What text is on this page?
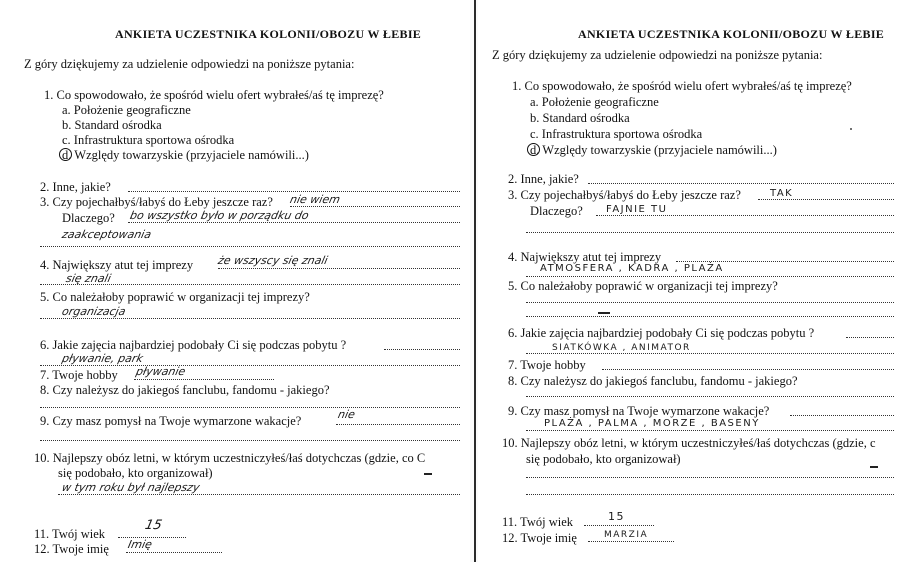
ANKIETA UCZESTNIKA KOLONII/OBOZU W ŁEBIE
Z góry dziękujemy za udzielenie odpowiedzi na poniższe pytania:
1. Co spowodowało, że spośród wielu ofert wybrałeś/aś tę imprezę?
a. Położenie geograficzne
b. Standard ośrodka
c. Infrastruktura sportowa ośrodka
d. Względy towarzyskie (przyjaciele namówili...)
2. Inne, jakie?
3. Czy pojechałbyś/łabyś do Łeby jeszcze raz? nie wiem
Dlaczego? bo wszystko było w porządku do
zaakceptowania
4. Największy atut tej imprezy że wszyscy się znali
się znali
5. Co należałoby poprawić w organizacji tej imprezy?
organizacja
6. Jakie zajęcia najbardziej podobały Ci się podczas pobytu ?
pływanie, park
7. Twoje hobby pływanie
8. Czy należysz do jakiegoś fanclubu, fandomu - jakiego?
9. Czy masz pomysł na Twoje wymarzone wakacje?	nie
10. Najlepszy obóz letni, w którym uczestniczyłeś/łaś dotychczas (gdzie, co C
się podobało, kto organizował)
w tym roku był najlepszy
11. Twój wiek
15
12. Twoje imię Imię
ANKIETA UCZESTNIKA KOLONII/OBOZU W ŁEBIE
Z góry dziękujemy za udzielenie odpowiedzi na poniższe pytania:
1. Co spowodowało, że spośród wielu ofert wybrałeś/aś tę imprezę?
a. Położenie geograficzne
b. Standard ośrodka
c. Infrastruktura sportowa ośrodka
d. Względy towarzyskie (przyjaciele namówili...)
2. Inne, jakie?
3. Czy pojechałbyś/łabyś do Łeby jeszcze raz?	TAK
Dlaczego? FAJNIE TU
4. Największy atut tej imprezy
ATMOSFERA , KADRA , PLAŻA
5. Co należałoby poprawić w organizacji tej imprezy?
6. Jakie zajęcia najbardziej podobały Ci się podczas pobytu ?
SIATKÓWKA , ANIMATOR
7. Twoje hobby
8. Czy należysz do jakiegoś fanclubu, fandomu - jakiego?
9. Czy masz pomysł na Twoje wymarzone wakacje?
PLAŻA , PALMA , MORZE , BASENY
10. Najlepszy obóz letni, w którym uczestniczyłeś/łaś dotychczas (gdzie, c
się podobało, kto organizował)
11. Twój wiek	15
12. Twoje imię	MARZIA
